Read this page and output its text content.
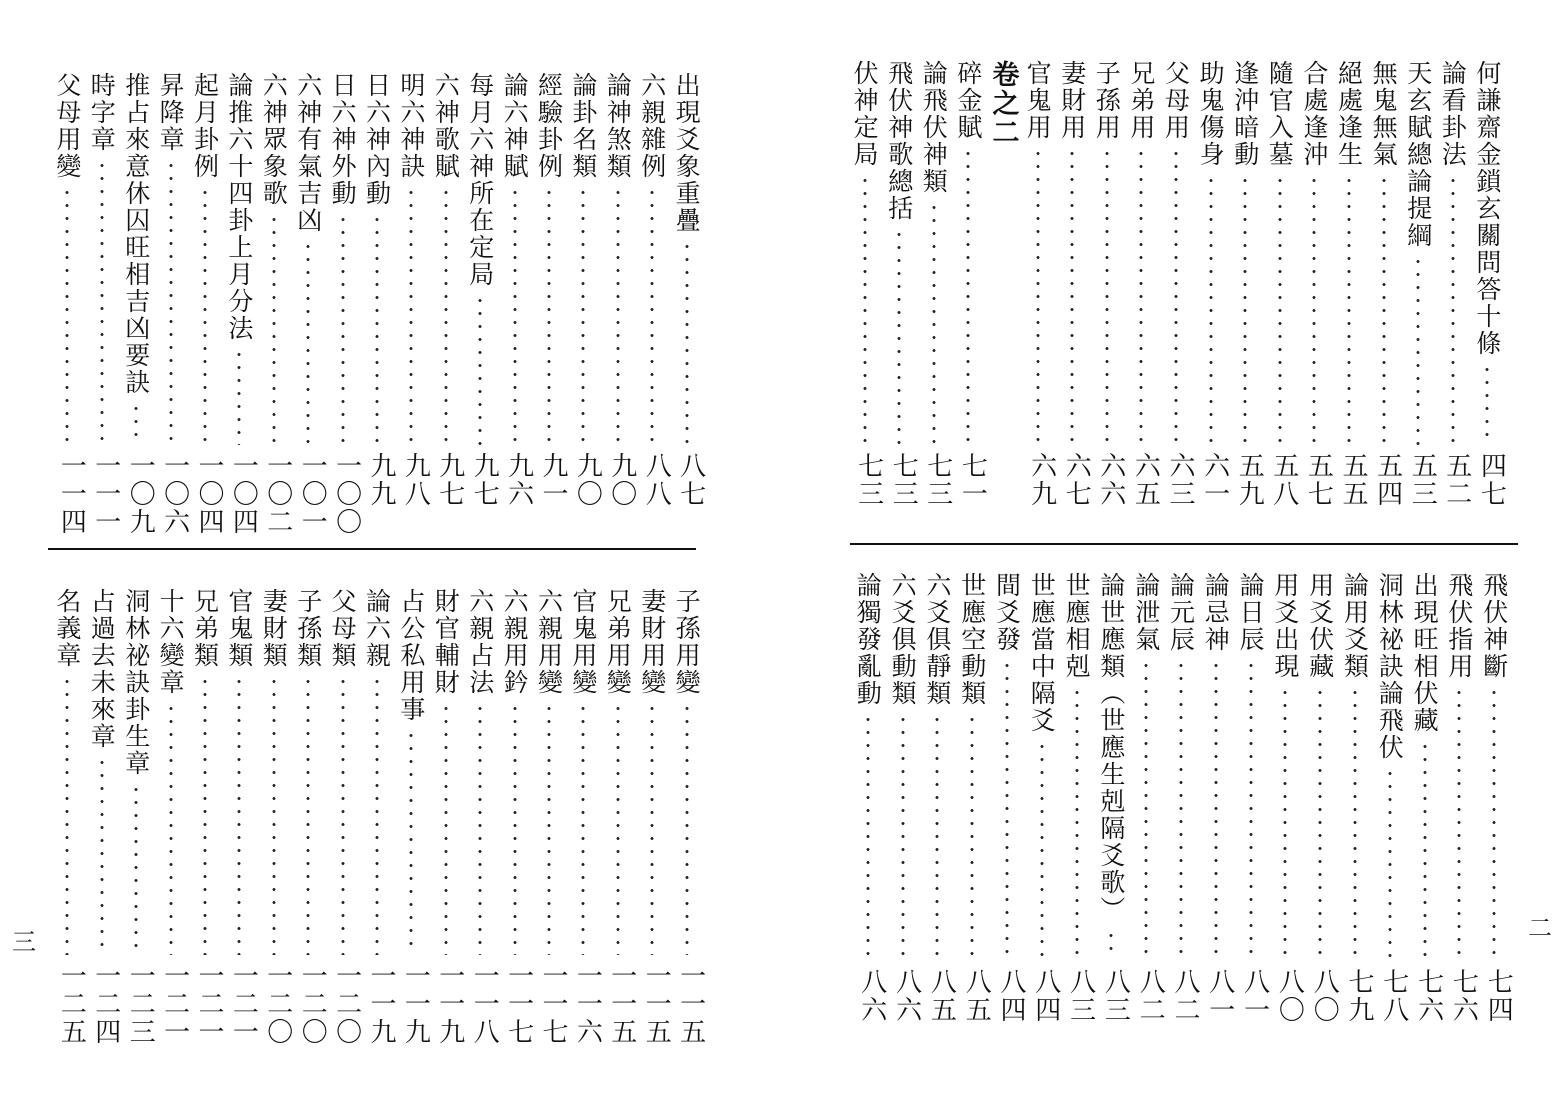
八七
出現爻象重疊
八八
六親雜例
九〇
論神煞類
九〇
論卦名類
九一
經驗卦例
九六
論六神賦
九七
每月六神所在定局
九七
六神歌賦
九八
明六神訣
九九
日六神內動
一〇〇
日六神外動
一〇一
六神有氣吉凶
一〇二
六神眾象歌
一〇四
論推六十四卦上月分法
一〇四
起月卦例
一〇六
昇降章
一〇九
推占來意休囚旺相吉凶要訣
一一一
時字章
一一四
父母用變
一一五
子孫用變
一一五
妻財用變
一一五
兄弟用變
一一六
官鬼用變
一一七
六親用變
一一七
六親用鈐
一一八
六親占法
一一九
財官輔財
一一九
占公私用事
一一九
論六親
一二〇
父母類
一二〇
子孫類
一二〇
妻財類
一二一
官鬼類
一二一
兄弟類
一二一
十六變章
一二三
洞林祕訣卦生章
一二四
占過去未來章
一二五
名義章
三
四七
何謙齋金鎖玄關問答十條
五二
論看卦法
五三
天玄賦總論提綱
五四
無鬼無氣
五五
絕處逢生
五七
合處逢沖
五八
隨官入墓
五九
逢沖暗動
六一
助鬼傷身
六三
父母用
六五
兄弟用
六六
子孫用
六七
妻財用
六九
官鬼用
卷之二
七一
碎金賦
七三
論飛伏神類
七三
飛伏神歌總括
七三
伏神定局
七四
飛伏神斷
七六
飛伏指用
七六
出現旺相伏藏
七八
洞林祕訣論飛伏
七九
論用爻類
八〇
用爻伏藏
八〇
用爻出現
八一
論日辰
八一
論忌神
八二
論元辰
八二
論泄氣
八三
論世應類（世應生剋隔爻歌）
八三
世應相剋
八四
世應當中隔爻
八四
間爻發
八五
世應空動類
八五
六爻俱靜類
八六
六爻俱動類
八六
論獨發亂動
二
